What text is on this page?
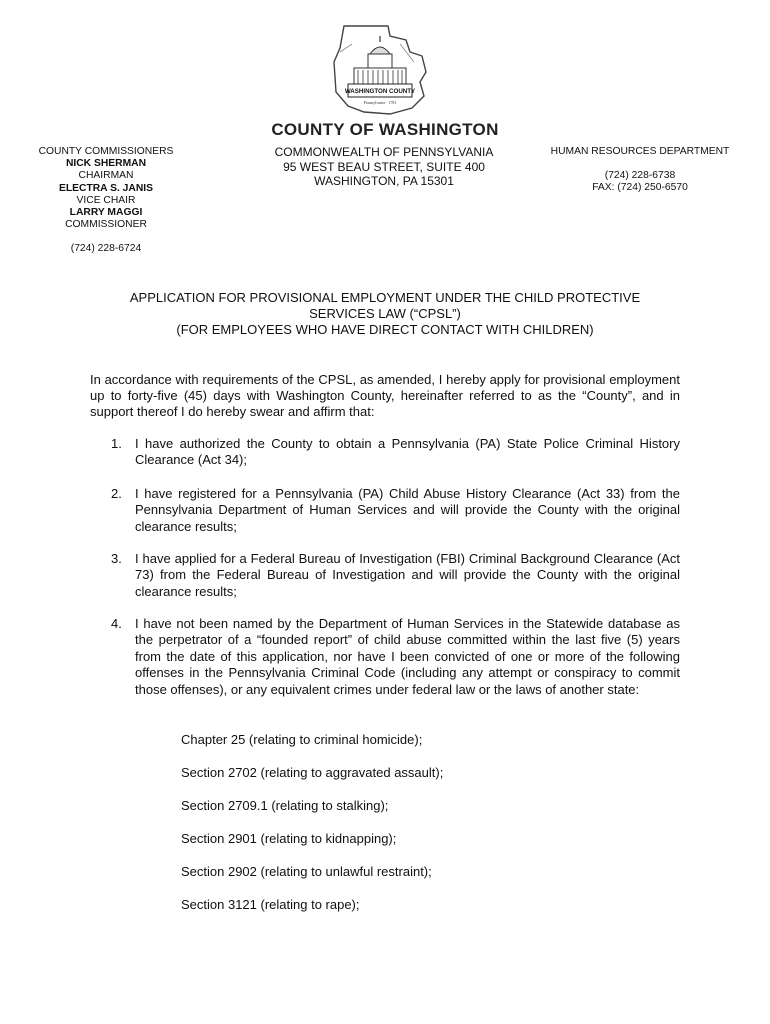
WASHINGTON COUNTY
Pennsylvania · 1781
COUNTY OF WASHINGTON
COUNTY COMMISSIONERS
NICK SHERMAN
CHAIRMAN
ELECTRA S. JANIS
VICE CHAIR
LARRY MAGGI
COMMISSIONER
(724) 228-6724
COMMONWEALTH OF PENNSYLVANIA
95 WEST BEAU STREET, SUITE 400
WASHINGTON, PA 15301
HUMAN RESOURCES DEPARTMENT
(724) 228-6738
FAX: (724) 250-6570
APPLICATION FOR PROVISIONAL EMPLOYMENT UNDER THE CHILD PROTECTIVE
SERVICES LAW (“CPSL”)
(FOR EMPLOYEES WHO HAVE DIRECT CONTACT WITH CHILDREN)
In accordance with requirements of the CPSL, as amended, I hereby apply for provisional employment up to forty-five (45) days with Washington County, hereinafter referred to as the “County”, and in support thereof I do hereby swear and affirm that:
1.	I have authorized the County to obtain a Pennsylvania (PA) State Police Criminal History Clearance (Act 34);
2.	I have registered for a Pennsylvania (PA) Child Abuse History Clearance (Act 33) from the Pennsylvania Department of Human Services and will provide the County with the original clearance results;
3.	I have applied for a Federal Bureau of Investigation (FBI) Criminal Background Clearance (Act 73) from the Federal Bureau of Investigation and will provide the County with the original clearance results;
4.	I have not been named by the Department of Human Services in the Statewide database as the perpetrator of a “founded report” of child abuse committed within the last five (5) years from the date of this application, nor have I been convicted of one or more of the following offenses in the Pennsylvania Criminal Code (including any attempt or conspiracy to commit those offenses), or any equivalent crimes under federal law or the laws of another state:
Chapter 25 (relating to criminal homicide);
Section 2702 (relating to aggravated assault);
Section 2709.1 (relating to stalking);
Section 2901 (relating to kidnapping);
Section 2902 (relating to unlawful restraint);
Section 3121 (relating to rape);
